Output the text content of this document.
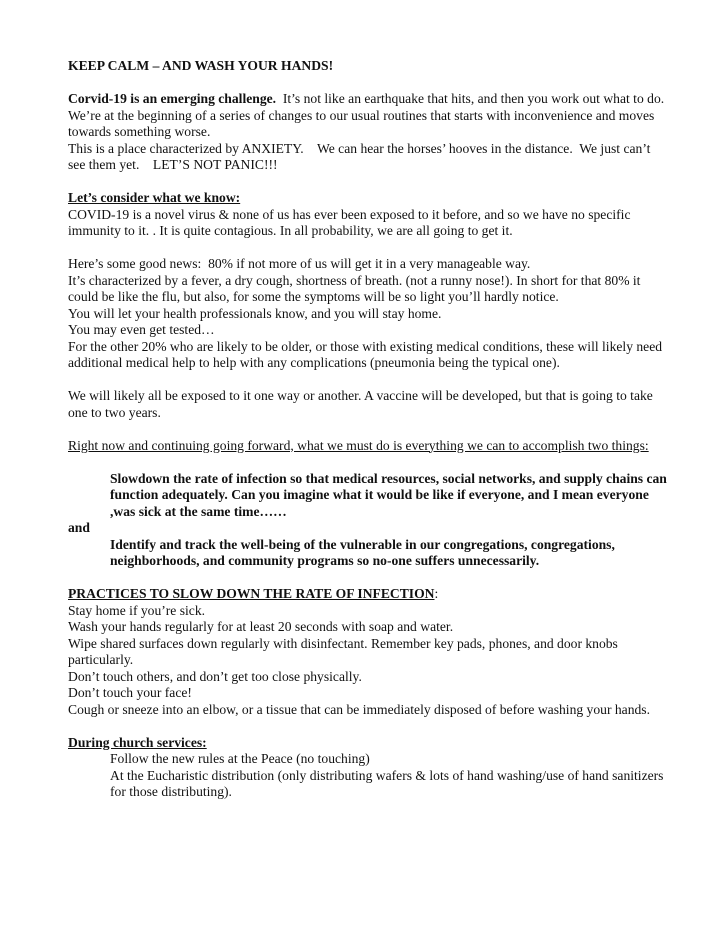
KEEP CALM – AND WASH YOUR HANDS!

Corvid-19 is an emerging challenge.  It’s not like an earthquake that hits, and then you work out what to do. We’re at the beginning of a series of changes to our usual routines that starts with inconvenience and moves towards something worse.

This is a place characterized by ANXIETY.    We can hear the horses’ hooves in the distance.  We just can’t see them yet.    LET’S NOT PANIC!!!

Let’s consider what we know:

COVID-19 is a novel virus & none of us has ever been exposed to it before, and so we have no specific immunity to it. . It is quite contagious. In all probability, we are all going to get it.

Here’s some good news:  80% if not more of us will get it in a very manageable way.

It’s characterized by a fever, a dry cough, shortness of breath. (not a runny nose!). In short for that 80% it could be like the flu, but also, for some the symptoms will be so light you’ll hardly notice.

You will let your health professionals know, and you will stay home.

You may even get tested…

For the other 20% who are likely to be older, or those with existing medical conditions, these will likely need additional medical help to help with any complications (pneumonia being the typical one).

We will likely all be exposed to it one way or another. A vaccine will be developed, but that is going to take one to two years.

Right now and continuing going forward, what we must do is everything we can to accomplish two things:

Slowdown the rate of infection so that medical resources, social networks, and supply chains can function adequately. Can you imagine what it would be like if everyone, and I mean everyone ,was sick at the same time……

and

Identify and track the well-being of the vulnerable in our congregations, congregations, neighborhoods, and community programs so no-one suffers unnecessarily.

PRACTICES TO SLOW DOWN THE RATE OF INFECTION:

Stay home if you’re sick.

Wash your hands regularly for at least 20 seconds with soap and water.

Wipe shared surfaces down regularly with disinfectant. Remember key pads, phones, and door knobs particularly.

Don’t touch others, and don’t get too close physically.

Don’t touch your face!

Cough or sneeze into an elbow, or a tissue that can be immediately disposed of before washing your hands.

During church services:

Follow the new rules at the Peace (no touching)

At the Eucharistic distribution (only distributing wafers & lots of hand washing/use of hand sanitizers for those distributing).
